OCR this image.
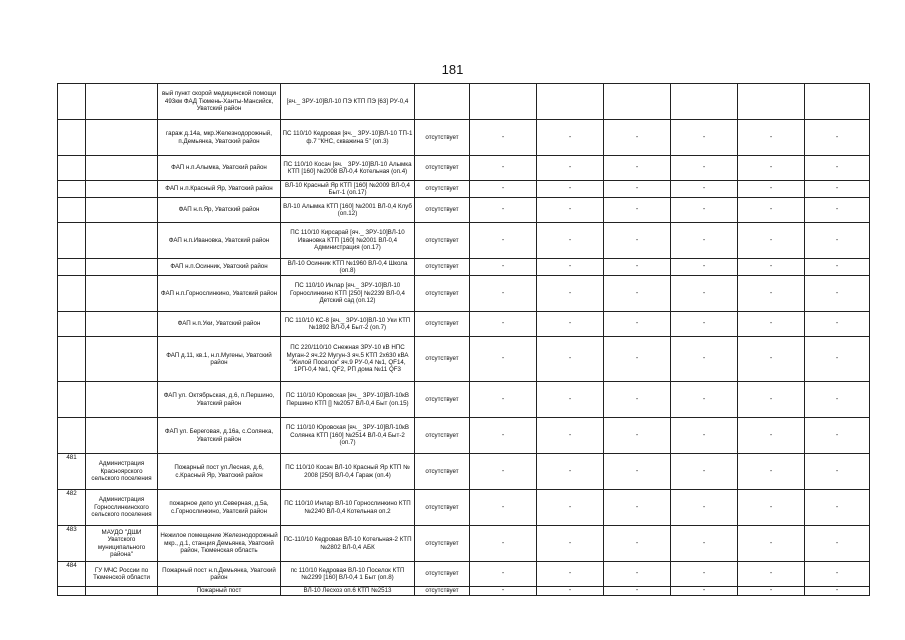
181
		вый пункт скорой медицинской помощи 493км ФАД Тюмень-Ханты-Мансийск, Уватский район	[яч._ ЗРУ-10]ВЛ-10 ПЭ КТП ПЭ [63] РУ-0,4							
		гараж д.14а, мкр.Железнодорожный, п.Демьянка, Уватский район	ПС 110/10 Кедровая [яч._ ЗРУ-10]ВЛ-10 ТП-1 ф.7 "КНС, скважина 5" (оп.3)	отсутствует	-	-	-	-	-	-
		ФАП н.п.Алымка, Уватский район	ПС 110/10 Косач [яч._ ЗРУ-10]ВЛ-10 Алымка КТП [160] №2008 ВЛ-0,4 Котельная (оп.4)	отсутствует	-	-	-	-	-	-
		ФАП н.п.Красный Яр, Уватский район	ВЛ-10 Красный Яр КТП [160] №2009 ВЛ-0,4 Быт-1 (оп.17)	отсутствует	-	-	-	-	-	-
		ФАП н.п.Яр, Уватский район	ВЛ-10 Алымка КТП [160] №2001 ВЛ-0,4 Клуб (оп.12)	отсутствует	-	-	-	-	-	-
		ФАП н.п.Ивановка, Уватский район	ПС 110/10 Кирсарай [яч._ ЗРУ-10]ВЛ-10 Ивановка КТП [160] №2001 ВЛ-0,4 Администрация (оп.17)	отсутствует	-	-	-	-	-	-
		ФАП н.п.Осинник, Уватский район	ВЛ-10 Осинник КТП №1960 ВЛ-0,4 Школа (оп.8)	отсутствует	-	-	-	-	-	-
		ФАП н.п.Горнослинкино, Уватский район	ПС 110/10 Инлар [яч._ ЗРУ-10]ВЛ-10 Горнослинкино КТП [250] №2239 ВЛ-0,4 Детский сад (оп.12)	отсутствует	-	-	-	-	-	-
		ФАП н.п.Уки, Уватский район	ПС 110/10 КС-8 [яч._ ЗРУ-10]ВЛ-10 Уки КТП №1892 ВЛ-0,4 Быт-2 (оп.7)	отсутствует	-	-	-	-	-	-
		ФАП д.11, кв.1, н.п.Мугены, Уватский район	ПС 220/110/10 Снежная ЗРУ-10 кВ НПС Муган-2 яч.22 Мугун-3 яч.5 КТП 2х630 кВА "Жилой Поселок" яч.9 РУ-0,4 №1, QF14, 1РП-0,4 №1, QF2, РП дома №11 QF3	отсутствует	-	-	-	-	-	-
		ФАП ул. Октябрьская, д.6, п.Першино, Уватский район	ПС 110/10 Юровская [яч._ ЗРУ-10]ВЛ-10кВ Першино КТП [] №2057 ВЛ-0,4 Быт (оп.15)	отсутствует	-	-	-	-	-	-
		ФАП ул. Береговая, д.16а, с.Солянка, Уватский район	ПС 110/10 Юровская [яч._ ЗРУ-10]ВЛ-10кВ Солянка КТП [160] №2514 ВЛ-0,4 Быт-2 (оп.7)	отсутствует	-	-	-	-	-	-
481	Администрация Красноярского сельского поселения	Пожарный пост ул.Лесная, д.6, с.Красный Яр, Уватский район	ПС 110/10 Косач ВЛ-10 Красный Яр КТП № 2008 [250] ВЛ-0,4 Гараж (оп.4)	отсутствует	-	-	-	-	-	-
482	Администрация Горнослинкинского сельского поселения	пожарное депо ул.Северная, д.5а, с.Горнослинкино, Уватский район	ПС 110/10 Инлар ВЛ-10 Горнослинкино КТП №2240 ВЛ-0,4 Котельная оп.2	отсутствует	-	-	-	-	-	-
483	МАУДО "ДШИ Уватского муниципального района"	Нежилое помещение Железнодорожный мкр., д.1, станция Демьянка, Уватский район, Тюменская область	ПС-110/10 Кедровая ВЛ-10 Котельная-2 КТП №2802 ВЛ-0,4 АБК	отсутствует	-	-	-	-	-	-
484	ГУ МЧС России по Тюменской области	Пожарный пост н.п.Демьянка, Уватский район	пс 110/10 Кедровая ВЛ-10 Поселок КТП №2299 [160] ВЛ-0,4 1 Быт (оп.8)	отсутствует	-	-	-	-	-	-
		Пожарный пост	ВЛ-10 Лесхоз оп.6 КТП №2513	отсутствует	-	-	-	-	-	-
